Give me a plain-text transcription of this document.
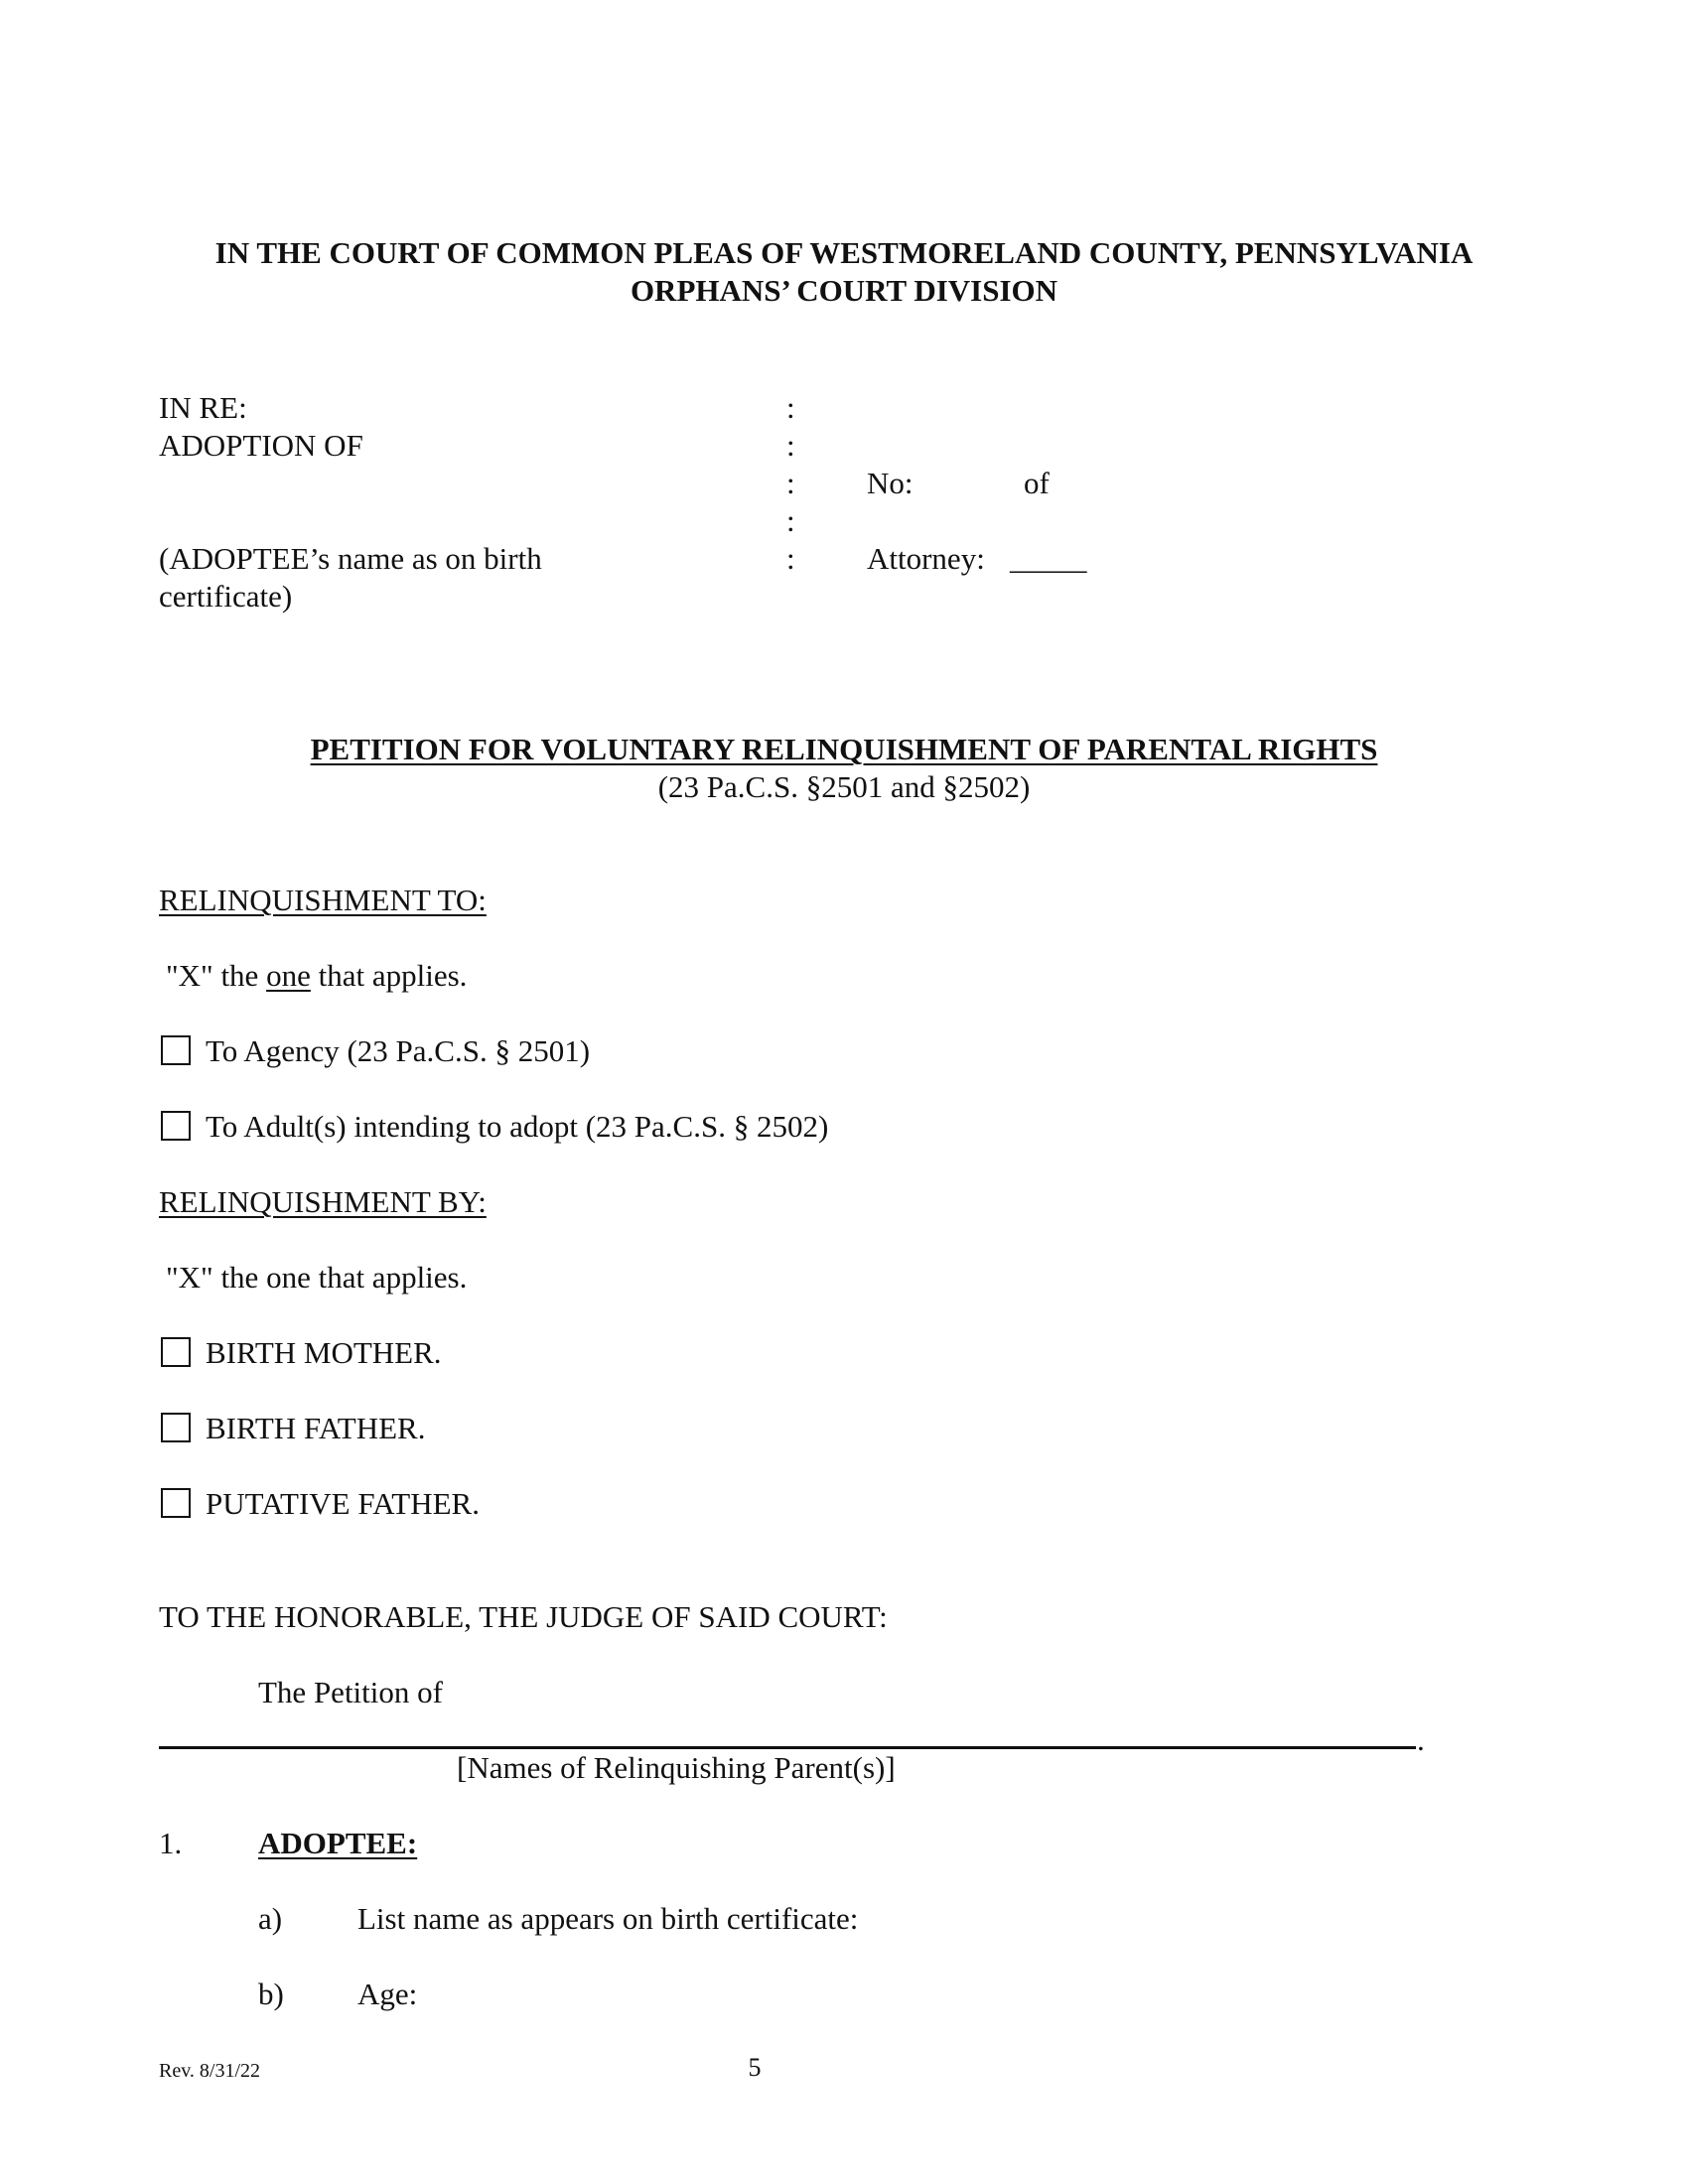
IN THE COURT OF COMMON PLEAS OF WESTMORELAND COUNTY, PENNSYLVANIA
ORPHANS’ COURT DIVISION
IN RE:
ADOPTION OF
(ADOPTEE’s name as on birth
certificate)
:
:
:
:
:
No:	of
Attorney: _____
PETITION FOR VOLUNTARY RELINQUISHMENT OF PARENTAL RIGHTS
(23 Pa.C.S. §2501 and §2502)
RELINQUISHMENT TO:
"X" the one that applies.
To Agency (23 Pa.C.S. § 2501)
To Adult(s) intending to adopt (23 Pa.C.S. § 2502)
RELINQUISHMENT BY:
"X" the one that applies.
BIRTH MOTHER.
BIRTH FATHER.
PUTATIVE FATHER.
TO THE HONORABLE, THE JUDGE OF SAID COURT:
The Petition of
.
[Names of Relinquishing Parent(s)]
1. ADOPTEE:
a) List name as appears on birth certificate:
b) Age:
Rev. 8/31/22	5
